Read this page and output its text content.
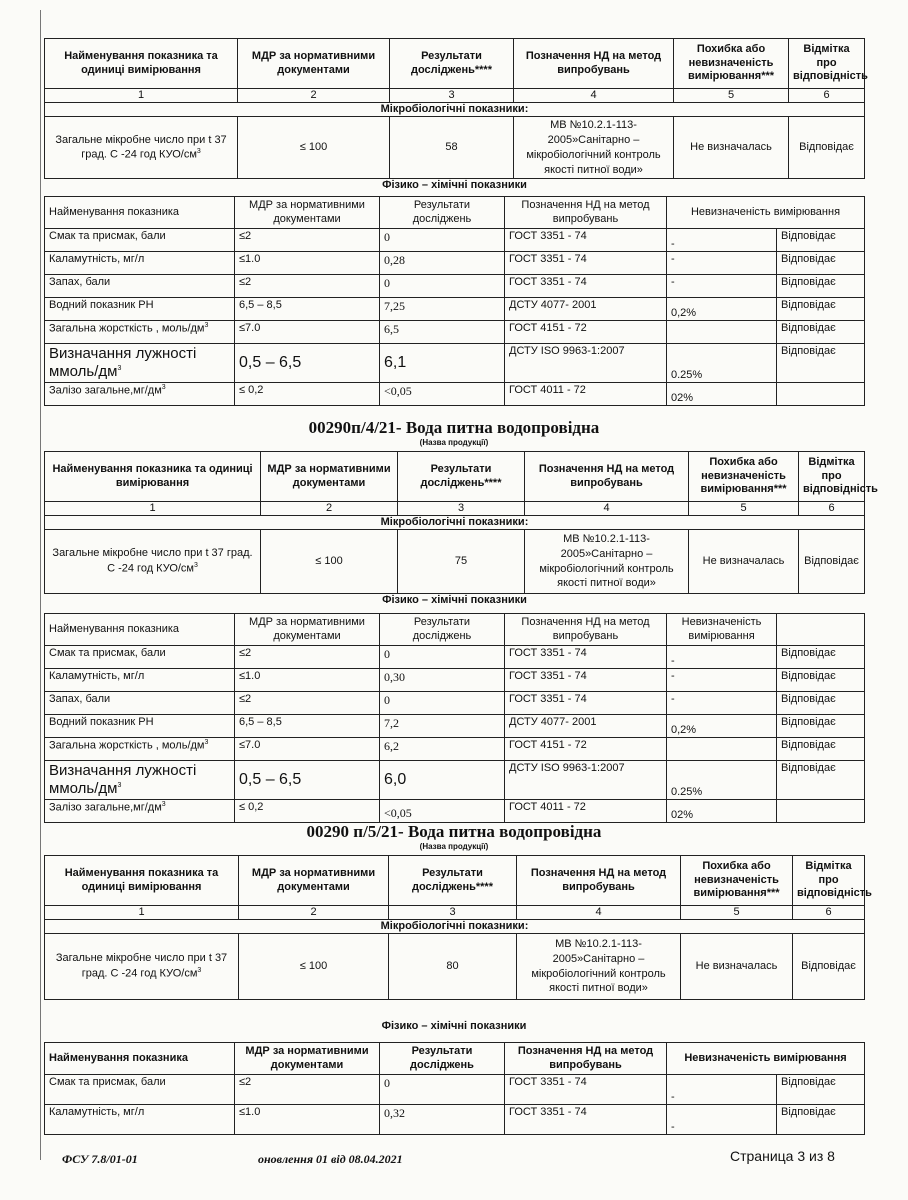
Найменування показника та одиниці вимірювання	МДР за нормативними документами	Результати досліджень****	Позначення НД на метод випробувань	Похибка або невизначеність вимірювання***	Відмітка про відповідність
1	2	3	4	5	6
Мікробіологічні показники:					
Загальне мікробне число при t 37 град. С -24 год КУО/$см^3$	≤ 100	58	МВ №10.2.1-113-2005»Санітарно – мікробіологічний контроль якості питної води»	Не визначалась	Відповідає
Фізико – хімічні показники					
Найменування показника	МДР за нормативними документами	Результати досліджень	Позначення НД на метод випробувань	Невизначеність вимірювання	
Смак та присмак, бали	≤2	0	ГОСТ 3351 - 74	-	Відповідає
Каламутність, мг/л	≤1.0	0,28	ГОСТ 3351 - 74	-	Відповідає
Запах, бали	≤2	0	ГОСТ 3351 - 74	-	Відповідає
Водний показник PH	6,5 – 8,5	7,25	ДСТУ 4077- 2001	0,2%	Відповідає
Загальна жорсткість , моль/$дм^3$	≤7.0	6,5	ГОСТ 4151 - 72		Відповідає
Визначання лужності ммоль/$дм^3$	0,5 – 6,5	6,1	ДСТУ ISO 9963-1:2007	0.25%	Відповідає
Залізо $загальне,мг/дм^3$	≤ 0,2	<0,05	ГОСТ 4011 - 72	02%	
00290п/4/21- Вода питна водопровідна
(Назва продукції)
Найменування показника та одиниці вимірювання	МДР за нормативними документами	Результати досліджень****	Позначення НД на метод випробувань	Похибка або невизначеність вимірювання***	Відмітка про відповідність
1	2	3	4	5	6
Мікробіологічні показники:					
Загальне мікробне число при t 37 град. С -24 год КУО/$см^3$	≤ 100	75	МВ №10.2.1-113-2005»Санітарно – мікробіологічний контроль якості питної води»	Не визначалась	Відповідає
Фізико – хімічні показники					
Найменування показника	МДР за нормативними документами	Результати досліджень	Позначення НД на метод випробувань	Невизначеність вимірювання	
Смак та присмак, бали	≤2	0	ГОСТ 3351 - 74	-	Відповідає
Каламутність, мг/л	≤1.0	0,30	ГОСТ 3351 - 74	-	Відповідає
Запах, бали	≤2	0	ГОСТ 3351 - 74	-	Відповідає
Водний показник PH	6,5 – 8,5	7,2	ДСТУ 4077- 2001	0,2%	Відповідає
Загальна жорсткість , моль/$дм^3$	≤7.0	6,2	ГОСТ 4151 - 72		Відповідає
Визначання лужності ммоль/$дм^3$	0,5 – 6,5	6,0	ДСТУ ISO 9963-1:2007	0.25%	Відповідає
Залізо $загальне,мг/дм^3$	≤ 0,2	<0,05	ГОСТ 4011 - 72	02%	
00290 п/5/21- Вода питна водопровідна
(Назва продукції)
Найменування показника та одиниці вимірювання	МДР за нормативними документами	Результати досліджень****	Позначення НД на метод випробувань	Похибка або невизначеність вимірювання***	Відмітка про відповідність
1	2	3	4	5	6
Мікробіологічні показники:					
Загальне мікробне число при t 37 град. С -24 год КУО/$см^3$	≤ 100	80	МВ №10.2.1-113-2005»Санітарно – мікробіологічний контроль якості питної води»	Не визначалась	Відповідає
Фізико – хімічні показники
Найменування показника	МДР за нормативними документами	Результати досліджень	Позначення НД на метод випробувань	Невизначеність вимірювання	
Смак та присмак, бали	≤2	0	ГОСТ 3351 - 74	-	Відповідає
Каламутність, мг/л	≤1.0	0,32	ГОСТ 3351 - 74	-	Відповідає
ФСУ 7.8/01-01	оновлення 01 від 08.04.2021	Страница 3 из 8
